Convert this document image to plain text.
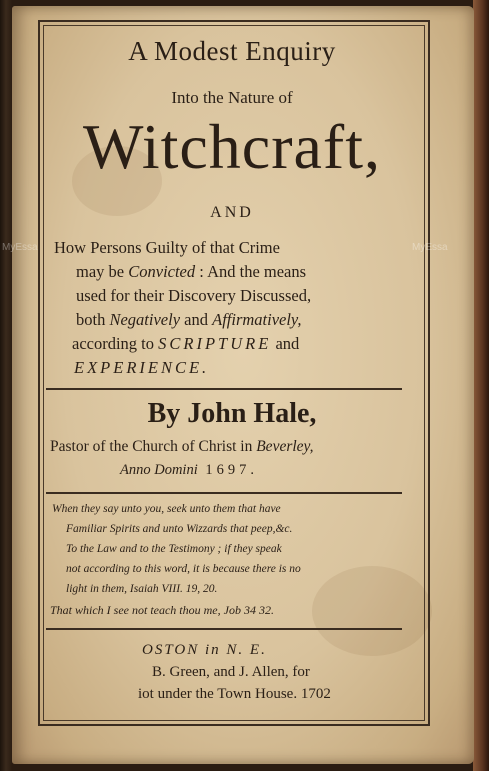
A Modest Enquiry
Into the Nature of
Witchcraft,
AND
How Persons Guilty of that Crime
may be Convicted : And the means
used for their Discovery Discussed,
both Negatively and Affirmatively,
according to SCRIPTURE and
EXPERIENCE.
By John Hale,
Pastor of the Church of Christ in Beverley,
Anno Domini 1697.
When they say unto you, seek unto them that have
Familiar Spirits and unto Wizzards that peep,&c.
To the Law and to the Testimony ; if they speak
not according to this word, it is because there is no
light in them, Isaiah VIII. 19, 20.
That which I see not teach thou me, Job 34 32.
OSTON in N. E.
B. Green, and J. Allen, for
iot under the Town House. 1702
MyEssa	MyEssa
